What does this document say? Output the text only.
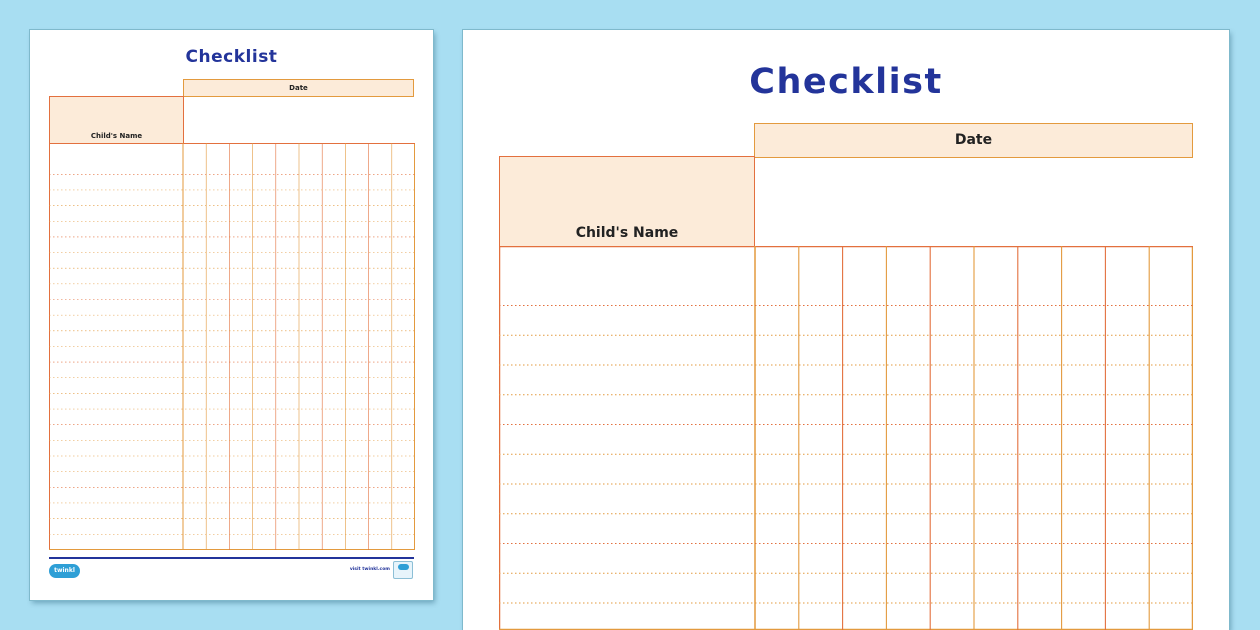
Checklist
Date
Child's Name
twinkl	visit twinkl.com
Checklist
Date
Child's Name
